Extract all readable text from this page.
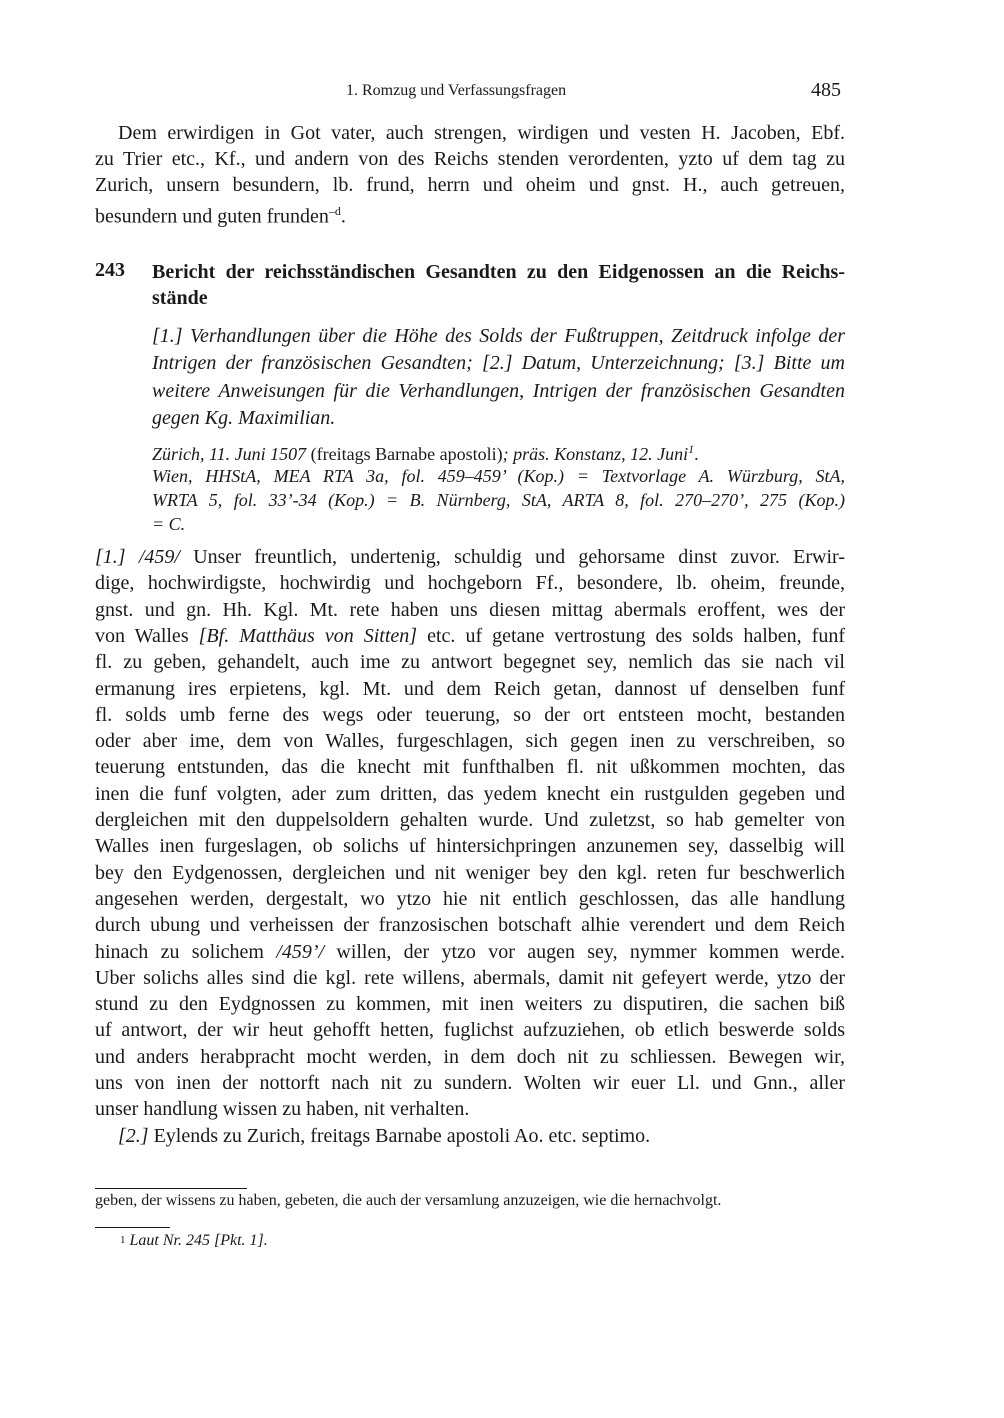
1. Romzug und Verfassungsfragen	485
Dem erwirdigen in Got vater, auch strengen, wirdigen und vesten H. Jacoben, Ebf.
zu Trier etc., Kf., und andern von des Reichs stenden verordenten, yzto uf dem tag zu
Zurich, unsern besundern, lb. frund, herrn und oheim und gnst. H., auch getreuen,
besundern und guten frunden$^{-d}$.
243 Bericht der reichsständischen Gesandten zu den Eidgenossen an die Reichs-
stände
[1.] Verhandlungen über die Höhe des Solds der Fußtruppen, Zeitdruck infolge der
Intrigen der französischen Gesandten; [2.] Datum, Unterzeichnung; [3.] Bitte um
weitere Anweisungen für die Verhandlungen, Intrigen der französischen Gesandten
gegen Kg. Maximilian.
Zürich, 11. Juni 1507 (freitags Barnabe apostoli); präs. Konstanz, 12. Juni$^1$.
Wien, HHStA, MEA RTA 3a, fol. 459–459’ (Kop.) = Textvorlage A. Würzburg, StA,
WRTA 5, fol. 33’-34 (Kop.) = B. Nürnberg, StA, ARTA 8, fol. 270–270’, 275 (Kop.)
= C.
[1.] /459/ Unser freuntlich, undertenig, schuldig und gehorsame dinst zuvor. Erwir-
dige, hochwirdigste, hochwirdig und hochgeborn Ff., besondere, lb. oheim, freunde,
gnst. und gn. Hh. Kgl. Mt. rete haben uns diesen mittag abermals eroffent, wes der
von Walles [Bf. Matthäus von Sitten] etc. uf getane vertrostung des solds halben, funf
fl. zu geben, gehandelt, auch ime zu antwort begegnet sey, nemlich das sie nach vil
ermanung ires erpietens, kgl. Mt. und dem Reich getan, dannost uf denselben funf
fl. solds umb ferne des wegs oder teuerung, so der ort entsteen mocht, bestanden
oder aber ime, dem von Walles, furgeschlagen, sich gegen inen zu verschreiben, so
teuerung entstunden, das die knecht mit funfthalben fl. nit ußkommen mochten, das
inen die funf volgten, ader zum dritten, das yedem knecht ein rustgulden gegeben und
dergleichen mit den duppelsoldern gehalten wurde. Und zuletzst, so hab gemelter von
Walles inen furgeslagen, ob solichs uf hintersichpringen anzunemen sey, dasselbig will
bey den Eydgenossen, dergleichen und nit weniger bey den kgl. reten fur beschwerlich
angesehen werden, dergestalt, wo ytzo hie nit entlich geschlossen, das alle handlung
durch ubung und verheissen der franzosischen botschaft alhie verendert und dem Reich
hinach zu solichem /459’/ willen, der ytzo vor augen sey, nymmer kommen werde.
Uber solichs alles sind die kgl. rete willens, abermals, damit nit gefeyert werde, ytzo der
stund zu den Eydgnossen zu kommen, mit inen weiters zu disputiren, die sachen biß
uf antwort, der wir heut gehofft hetten, fuglichst aufzuziehen, ob etlich beswerde solds
und anders herabpracht mocht werden, in dem doch nit zu schliessen. Bewegen wir,
uns von inen der nottorft nach nit zu sundern. Wolten wir euer Ll. und Gnn., aller
unser handlung wissen zu haben, nit verhalten.
[2.] Eylends zu Zurich, freitags Barnabe apostoli Ao. etc. septimo.
geben, der wissens zu haben, gebeten, die auch der versamlung anzuzeigen, wie die hernachvolgt.
1 Laut Nr. 245 [Pkt. 1].
